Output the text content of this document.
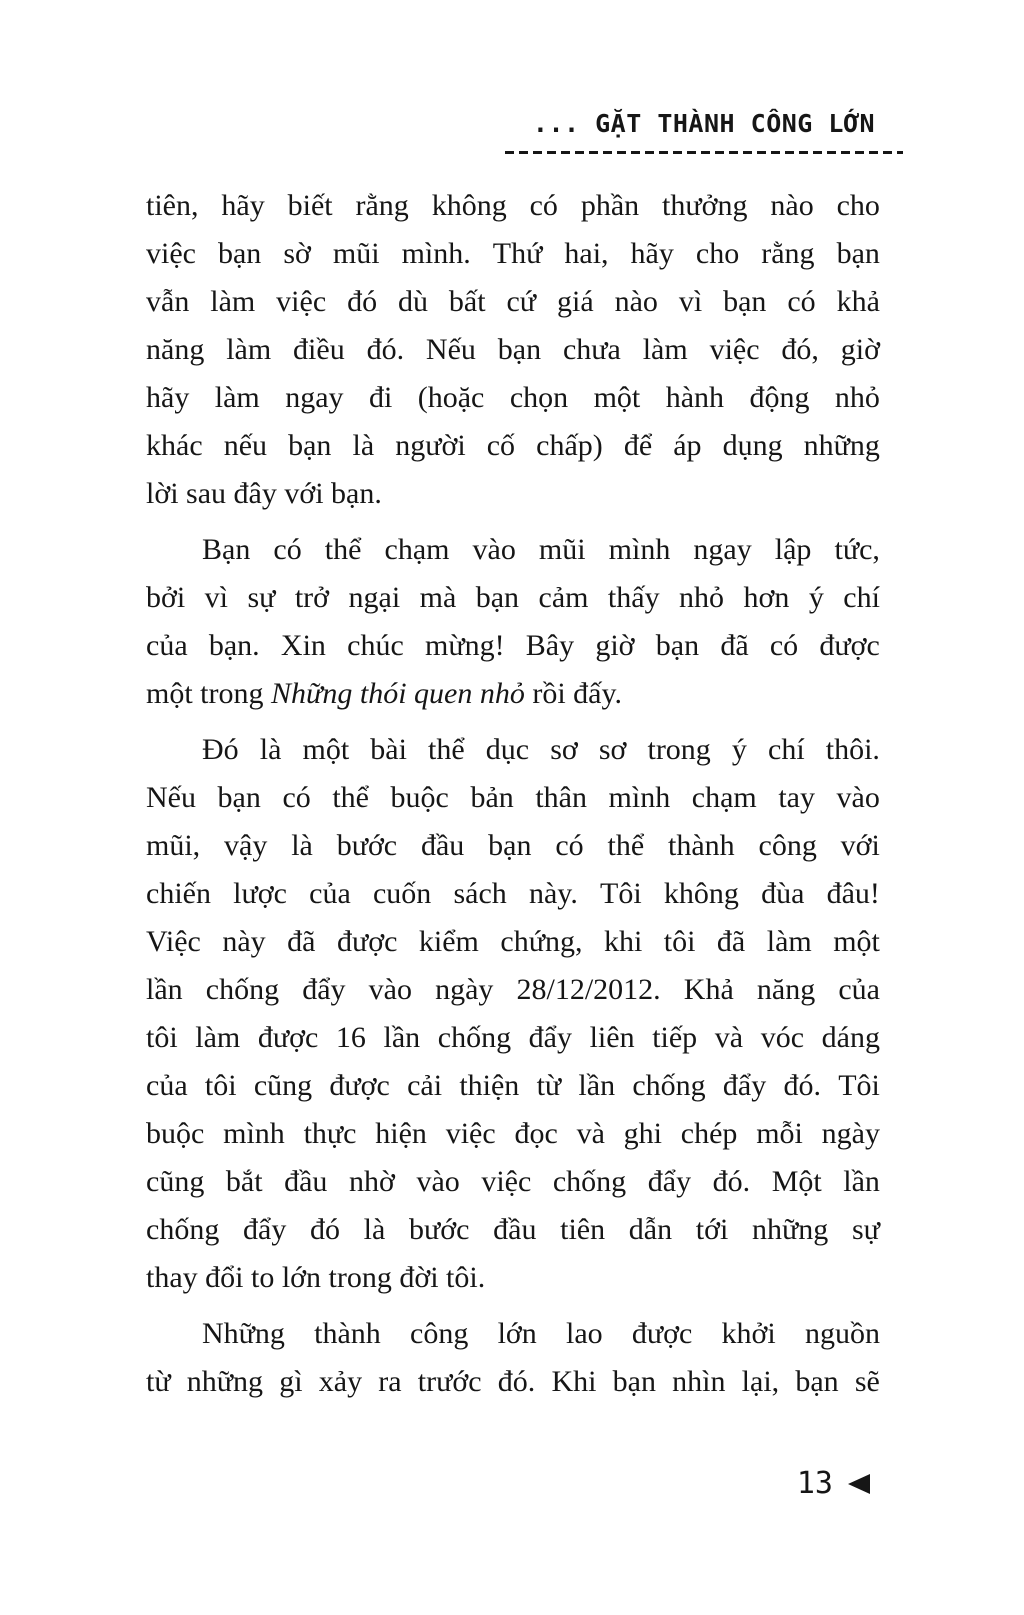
... GẶT THÀNH CÔNG LỚN
tiên, hãy biết rằng không có phần thưởng nào cho
việc bạn sờ mũi mình. Thứ hai, hãy cho rằng bạn
vẫn làm việc đó dù bất cứ giá nào vì bạn có khả
năng làm điều đó. Nếu bạn chưa làm việc đó, giờ
hãy làm ngay đi (hoặc chọn một hành động nhỏ
khác nếu bạn là người cố chấp) để áp dụng những
lời sau đây với bạn.
Bạn có thể chạm vào mũi mình ngay lập tức,
bởi vì sự trở ngại mà bạn cảm thấy nhỏ hơn ý chí
của bạn. Xin chúc mừng! Bây giờ bạn đã có được
một trong Những thói quen nhỏ rồi đấy.
Đó là một bài thể dục sơ sơ trong ý chí thôi.
Nếu bạn có thể buộc bản thân mình chạm tay vào
mũi, vậy là bước đầu bạn có thể thành công với
chiến lược của cuốn sách này. Tôi không đùa đâu!
Việc này đã được kiểm chứng, khi tôi đã làm một
lần chống đẩy vào ngày 28/12/2012. Khả năng của
tôi làm được 16 lần chống đẩy liên tiếp và vóc dáng
của tôi cũng được cải thiện từ lần chống đẩy đó. Tôi
buộc mình thực hiện việc đọc và ghi chép mỗi ngày
cũng bắt đầu nhờ vào việc chống đẩy đó. Một lần
chống đẩy đó là bước đầu tiên dẫn tới những sự
thay đổi to lớn trong đời tôi.
Những thành công lớn lao được khởi nguồn
từ những gì xảy ra trước đó. Khi bạn nhìn lại, bạn sẽ
13
